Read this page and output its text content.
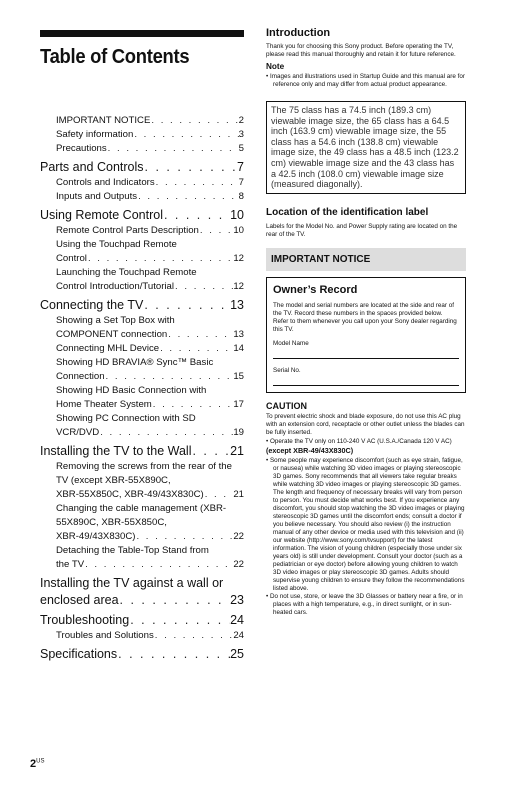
Table of Contents
IMPORTANT NOTICE . . .	2
Safety information . . .	3
Precautions . . .	5
Parts and Controls . . .	7
Controls and Indicators . . .	7
Inputs and Outputs . . .	8
Using Remote Control . . .	10
Remote Control Parts Description . . .	10
Using the Touchpad Remote
Control . . .	12
Launching the Touchpad Remote
Control Introduction/Tutorial . . .	12
Connecting the TV . . .	13
Showing a Set Top Box with
COMPONENT connection . . .	13
Connecting MHL Device . . .	14
Showing HD BRAVIA® Sync™ Basic
Connection . . .	15
Showing HD Basic Connection with
Home Theater System . . .	17
Showing PC Connection with SD
VCR/DVD . . .	19
Installing the TV to the Wall . . .	21
Removing the screws from the rear of the TV (except XBR-55X890C,
XBR-55X850C, XBR-49/43X830C) . . .	21
Changing the cable management (XBR-55X890C, XBR-55X850C,
XBR-49/43X830C) . . .	22
Detaching the Table-Top Stand from
the TV . . .	22
Installing the TV against a wall or
enclosed area . . .	23
Troubleshooting . . .	24
Troubles and Solutions . . .	24
Specifications . . .	25
$2^{US}$
Introduction

Thank you for choosing this Sony product. Before operating the TV, please read this manual thoroughly and retain it for future reference.

Note

• Images and illustrations used in Startup Guide and this manual are for reference only and may differ from actual product appearance.

The 75 class has a 74.5 inch (189.3 cm) viewable image size, the 65 class has a 64.5 inch (163.9 cm) viewable image size, the 55 class has a 54.6 inch (138.8 cm) viewable image size, the 49 class has a 48.5 inch (123.2 cm) viewable image size and the 43 class has a 42.5 inch (108.0 cm) viewable image size (measured diagonally).
Location of the identification label

Labels for the Model No. and Power Supply rating are located on the rear of the TV.

IMPORTANT NOTICE
Owner’s Record
The model and serial numbers are located at the side and rear of the TV. Record these numbers in the spaces provided below. Refer to them whenever you call upon your Sony dealer regarding this TV.
Model Name
Serial No.
CAUTION

To prevent electric shock and blade exposure, do not use this AC plug with an extension cord, receptacle or other outlet unless the blades can be fully inserted.

• Operate the TV only on 110-240 V AC (U.S.A./Canada 120 V AC)

(except XBR-49/43X830C)

• Some people may experience discomfort (such as eye strain, fatigue, or nausea) while watching 3D video images or playing stereoscopic 3D games. Sony recommends that all viewers take regular breaks while watching 3D video images or playing stereoscopic 3D games. The length and frequency of necessary breaks will vary from person to person. You must decide what works best. If you experience any discomfort, you should stop watching the 3D video images or playing stereoscopic 3D games until the discomfort ends; consult a doctor if you believe necessary. You should also review (i) the instruction manual of any other device or media used with this television and (ii) our website (http://www.sony.com/tvsupport) for the latest information. The vision of young children (especially those under six years old) is still under development. Consult your doctor (such as a pediatrician or eye doctor) before allowing young children to watch 3D video images or play stereoscopic 3D games. Adults should supervise young children to ensure they follow the recommendations listed above.

• Do not use, store, or leave the 3D Glasses or battery near a fire, or in places with a high temperature, e.g., in direct sunlight, or in sun-heated cars.
